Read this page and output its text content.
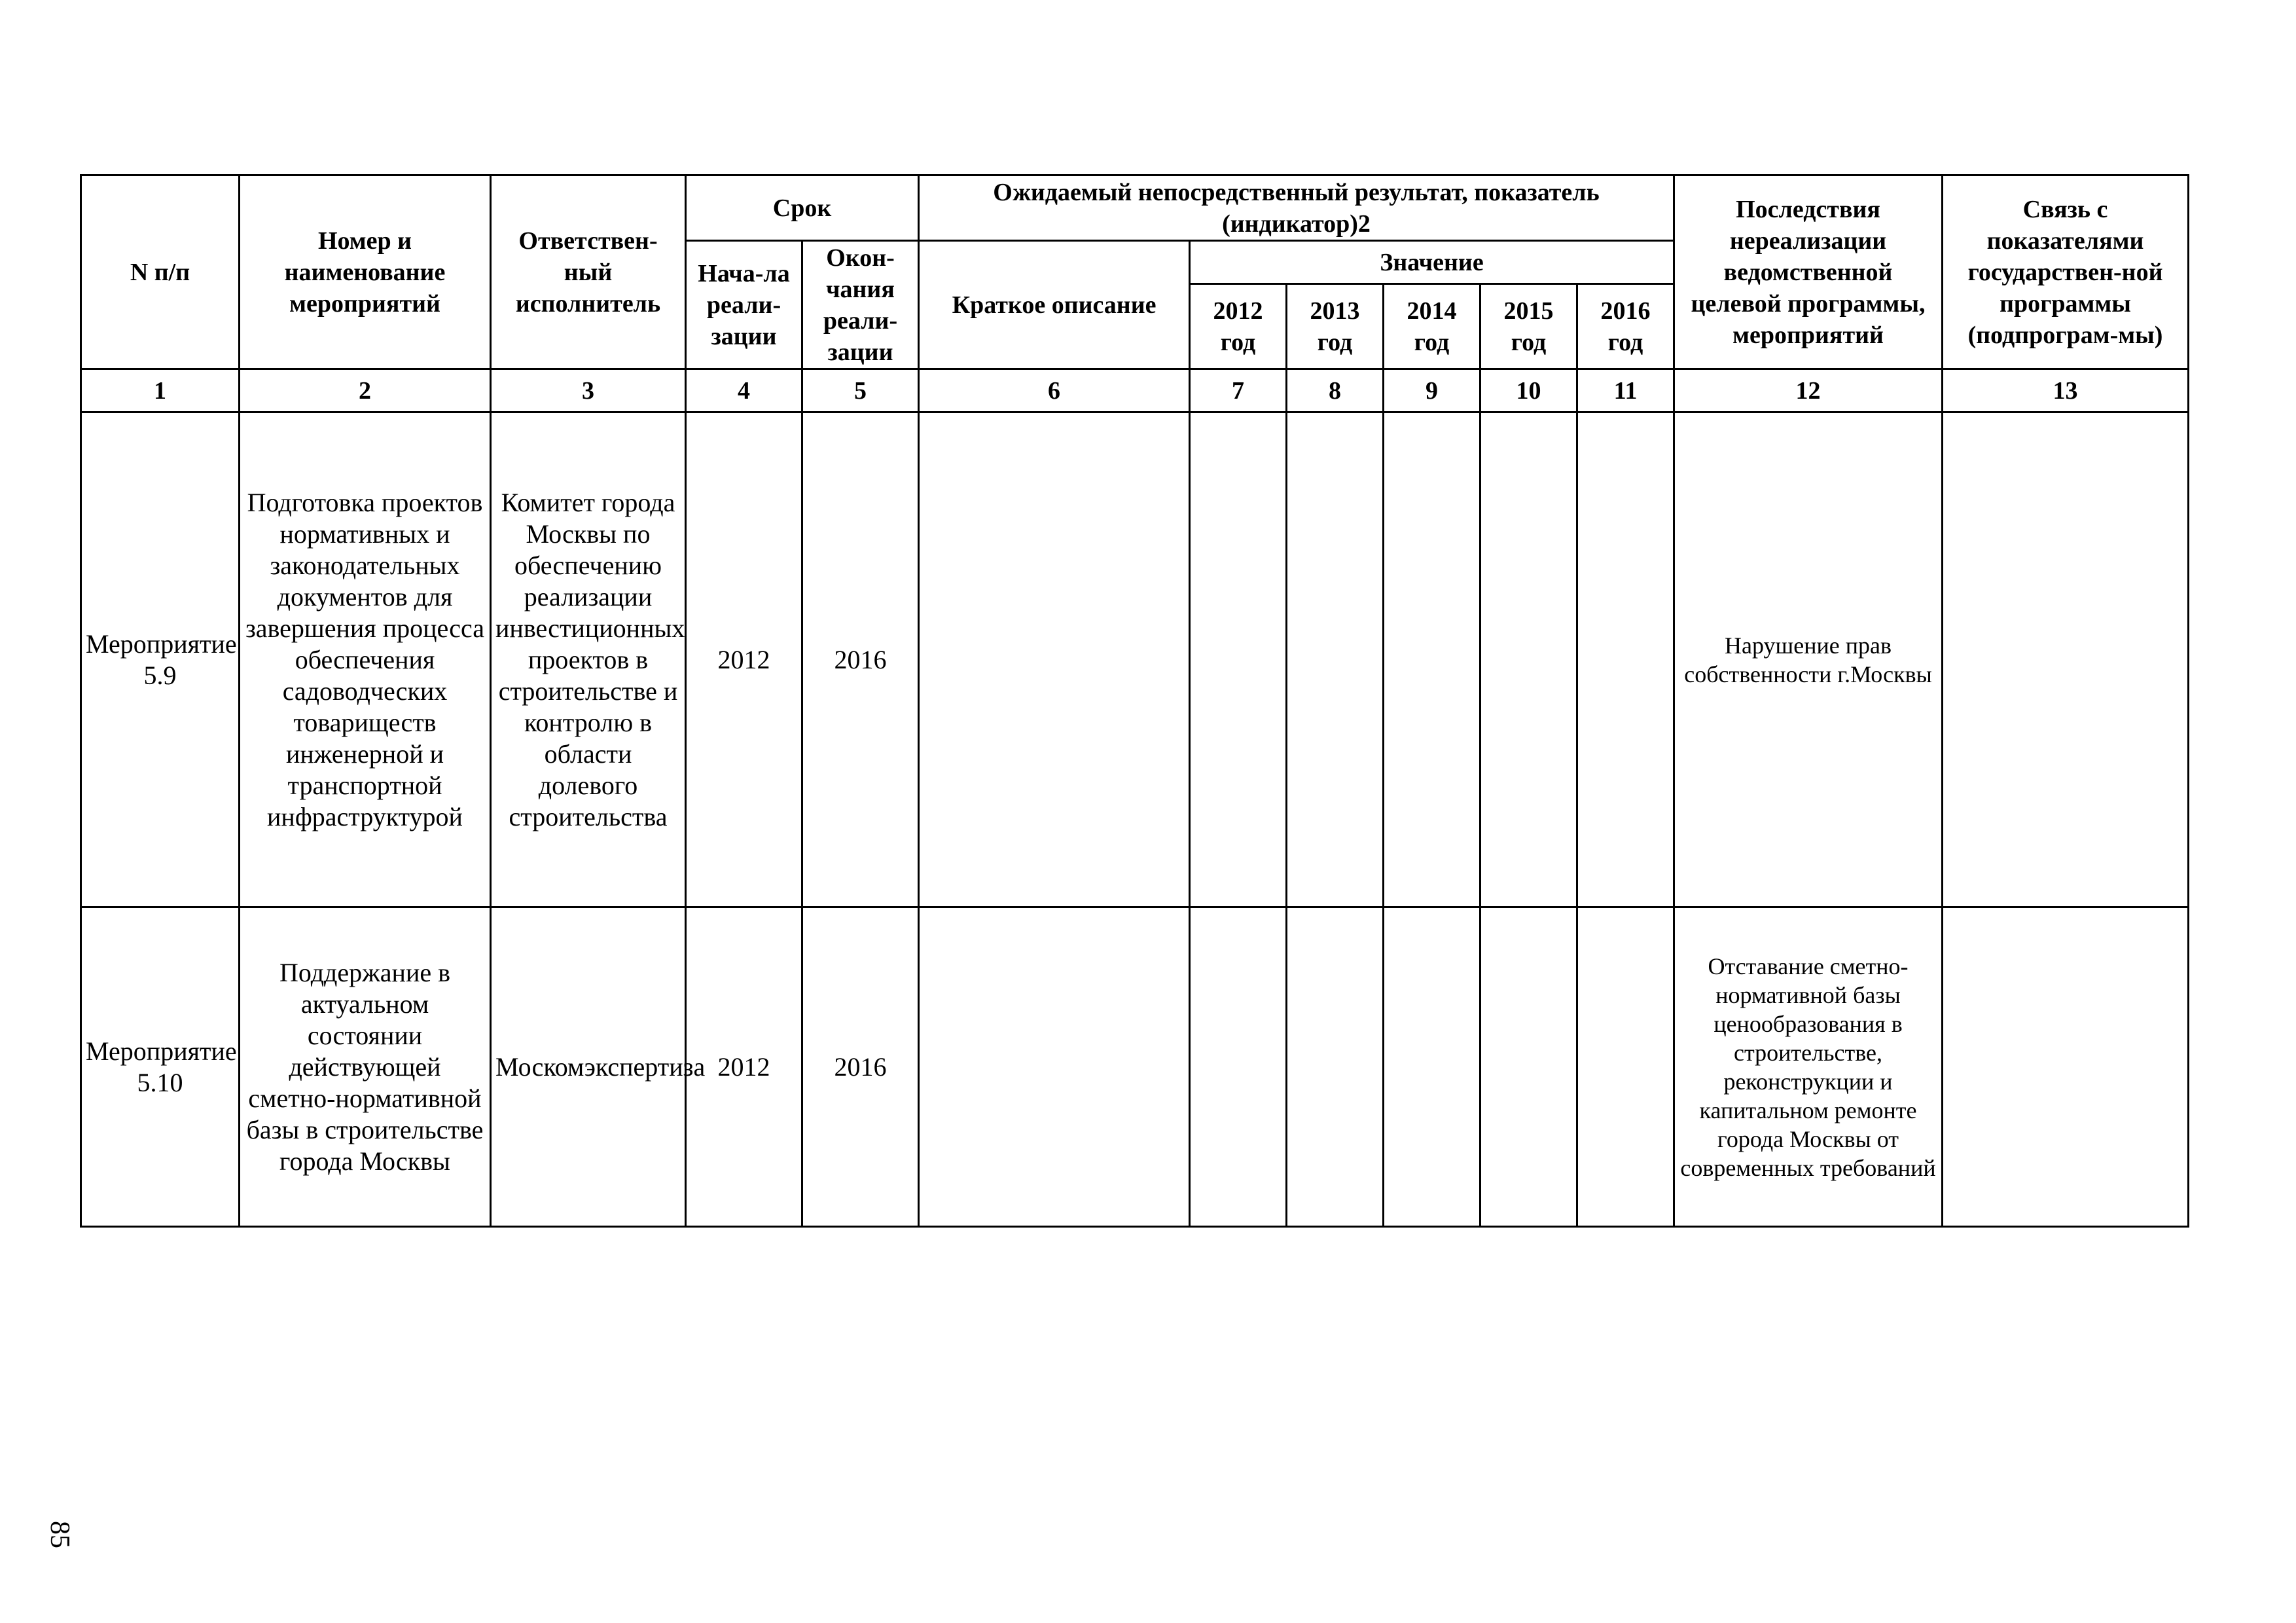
N п/п	Номер и наименование мероприятий	Ответствен-ный исполнитель	Срок		Ожидаемый непосредственный результат, показатель (индикатор)2						Последствия нереализации ведомственной целевой программы, мероприятий	Связь с показателями государствен-ной программы (подпрограм-мы)
			Нача-ла реали-зации	Окон-чания реали-зации	Краткое описание	Значение						
						2012 год	2013 год	2014 год	2015 год	2016 год		
1	2	3	4	5	6	7	8	9	10	11	12	13
Мероприятие 5.9	Подготовка проектов нормативных и законодательных документов для завершения процесса обеспечения садоводческих товариществ инженерной и транспортной инфраструктурой	Комитет города Москвы по обеспечению реализации инвестиционных проектов в строительстве и контролю в области долевого строительства	2012	2016							Нарушение прав собственности г.Москвы	
Мероприятие 5.10	Поддержание в актуальном состоянии действующей сметно-нормативной базы в строительстве города Москвы	Москомэкспертиза	2012	2016							Отставание сметно-нормативной базы ценообразования в строительстве, реконструкции и капитальном ремонте города Москвы от современных требований	
85
